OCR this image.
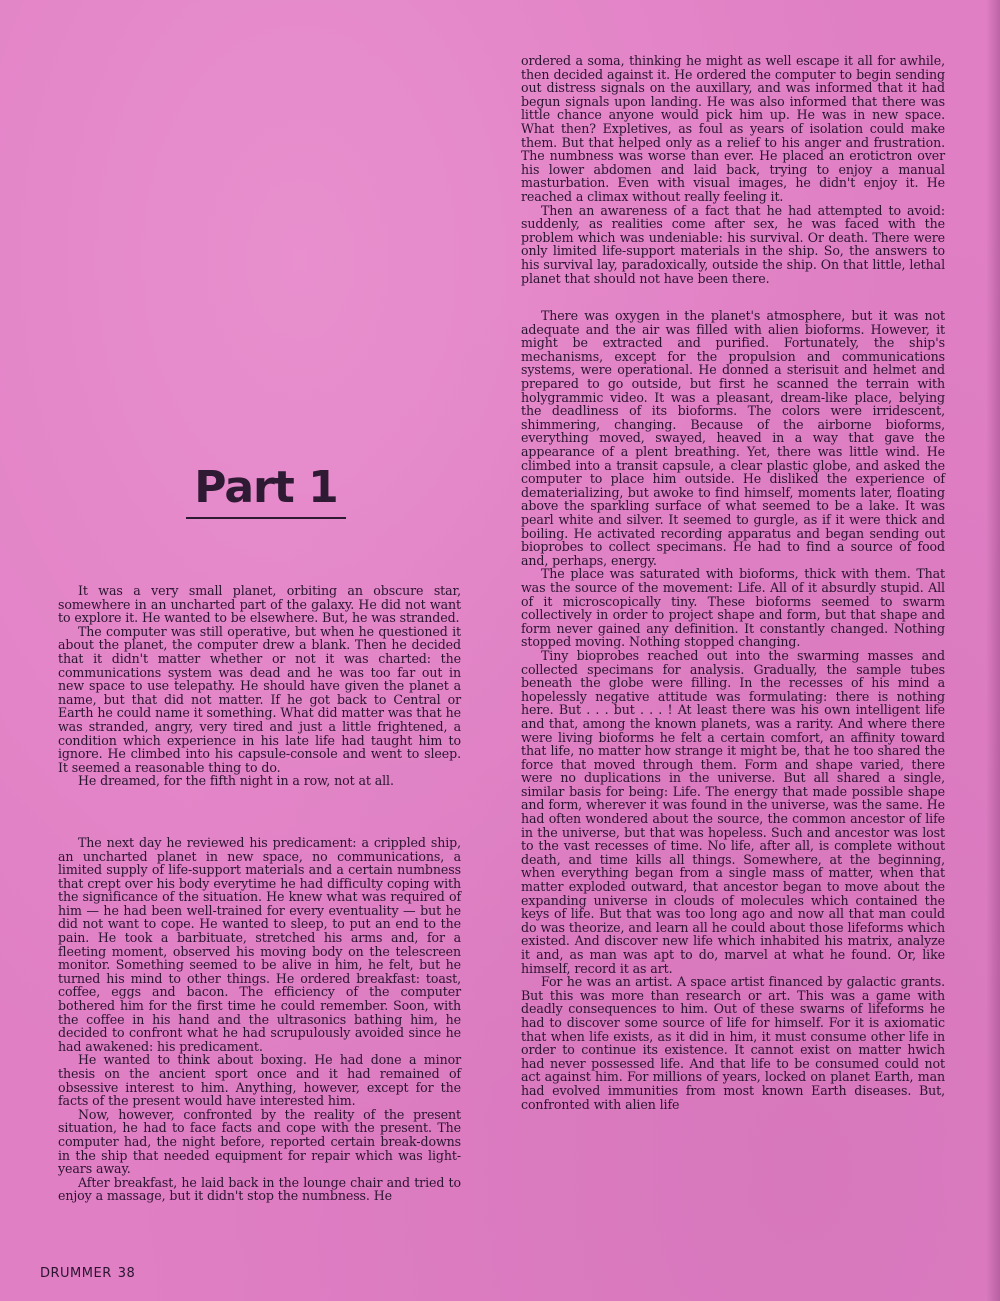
Part 1

It was a very small planet, orbiting an obscure star, somewhere in an uncharted part of the galaxy. He did not want to explore it. He wanted to be elsewhere. But, he was stranded.

The computer was still operative, but when he questioned it about the planet, the computer drew a blank. Then he decided that it didn't matter whether or not it was charted: the communications system was dead and he was too far out in new space to use telepathy. He should have given the planet a name, but that did not matter. If he got back to Central or Earth he could name it something. What did matter was that he was stranded, angry, very tired and just a little frightened, a condition which experience in his late life had taught him to ignore. He climbed into his capsule-console and went to sleep. It seemed a reasonable thing to do.

He dreamed, for the fifth night in a row, not at all.

The next day he reviewed his predicament: a crippled ship, an uncharted planet in new space, no communications, a limited supply of life-support materials and a certain numbness that crept over his body everytime he had difficulty coping with the significance of the situation. He knew what was required of him — he had been well-trained for every eventuality — but he did not want to cope. He wanted to sleep, to put an end to the pain. He took a barbituate, stretched his arms and, for a fleeting moment, observed his moving body on the telescreen monitor. Something seemed to be alive in him, he felt, but he turned his mind to other things. He ordered breakfast: toast, coffee, eggs and bacon. The efficiency of the computer bothered him for the first time he could remember. Soon, with the coffee in his hand and the ultrasonics bathing him, he decided to confront what he had scrupulously avoided since he had awakened: his predicament.

He wanted to think about boxing. He had done a minor thesis on the ancient sport once and it had remained of obsessive interest to him. Anything, however, except for the facts of the present would have interested him.

Now, however, confronted by the reality of the present situation, he had to face facts and cope with the present. The computer had, the night before, reported certain break-downs in the ship that needed equipment for repair which was light-years away.

After breakfast, he laid back in the lounge chair and tried to enjoy a massage, but it didn't stop the numbness. He

ordered a soma, thinking he might as well escape it all for awhile, then decided against it. He ordered the computer to begin sending out distress signals on the auxillary, and was informed that it had begun signals upon landing. He was also informed that there was little chance anyone would pick him up. He was in new space. What then? Expletives, as foul as years of isolation could make them. But that helped only as a relief to his anger and frustration. The numbness was worse than ever. He placed an erotictron over his lower abdomen and laid back, trying to enjoy a manual masturbation. Even with visual images, he didn't enjoy it. He reached a climax without really feeling it.

Then an awareness of a fact that he had attempted to avoid: suddenly, as realities come after sex, he was faced with the problem which was undeniable: his survival. Or death. There were only limited life-support materials in the ship. So, the answers to his survival lay, paradoxically, outside the ship. On that little, lethal planet that should not have been there.

There was oxygen in the planet's atmosphere, but it was not adequate and the air was filled with alien bioforms. However, it might be extracted and purified. Fortunately, the ship's mechanisms, except for the propulsion and communications systems, were operational. He donned a sterisuit and helmet and prepared to go outside, but first he scanned the terrain with holygrammic video. It was a pleasant, dream-like place, belying the deadliness of its bioforms. The colors were irridescent, shimmering, changing. Because of the airborne bioforms, everything moved, swayed, heaved in a way that gave the appearance of a plent breathing. Yet, there was little wind. He climbed into a transit capsule, a clear plastic globe, and asked the computer to place him outside. He disliked the experience of dematerializing, but awoke to find himself, moments later, floating above the sparkling surface of what seemed to be a lake. It was pearl white and silver. It seemed to gurgle, as if it were thick and boiling. He activated recording apparatus and began sending out bioprobes to collect specimans. He had to find a source of food and, perhaps, energy.

The place was saturated with bioforms, thick with them. That was the source of the movement: Life. All of it absurdly stupid. All of it microscopically tiny. These bioforms seemed to swarm collectively in order to project shape and form, but that shape and form never gained any definition. It constantly changed. Nothing stopped moving. Nothing stopped changing.

Tiny bioprobes reached out into the swarming masses and collected specimans for analysis. Gradually, the sample tubes beneath the globe were filling. In the recesses of his mind a hopelessly negative attitude was formulating: there is nothing here. But . . . but . . . ! At least there was his own intelligent life and that, among the known planets, was a rarity. And where there were living bioforms he felt a certain comfort, an affinity toward that life, no matter how strange it might be, that he too shared the force that moved through them. Form and shape varied, there were no duplications in the universe. But all shared a single, similar basis for being: Life. The energy that made possible shape and form, wherever it was found in the universe, was the same. He had often wondered about the source, the common ancestor of life in the universe, but that was hopeless. Such and ancestor was lost to the vast recesses of time. No life, after all, is complete without death, and time kills all things. Somewhere, at the beginning, when everything began from a single mass of matter, when that matter exploded outward, that ancestor began to move about the expanding universe in clouds of molecules which contained the keys of life. But that was too long ago and now all that man could do was theorize, and learn all he could about those lifeforms which existed. And discover new life which inhabited his matrix, analyze it and, as man was apt to do, marvel at what he found. Or, like himself, record it as art.

For he was an artist. A space artist financed by galactic grants. But this was more than research or art. This was a game with deadly consequences to him. Out of these swarns of lifeforms he had to discover some source of life for himself. For it is axiomatic that when life exists, as it did in him, it must consume other life in order to continue its existence. It cannot exist on matter hwich had never possessed life. And that life to be consumed could not act against him. For millions of years, locked on planet Earth, man had evolved immunities from most known Earth diseases. But, confronted with alien life

DRUMMER 38
